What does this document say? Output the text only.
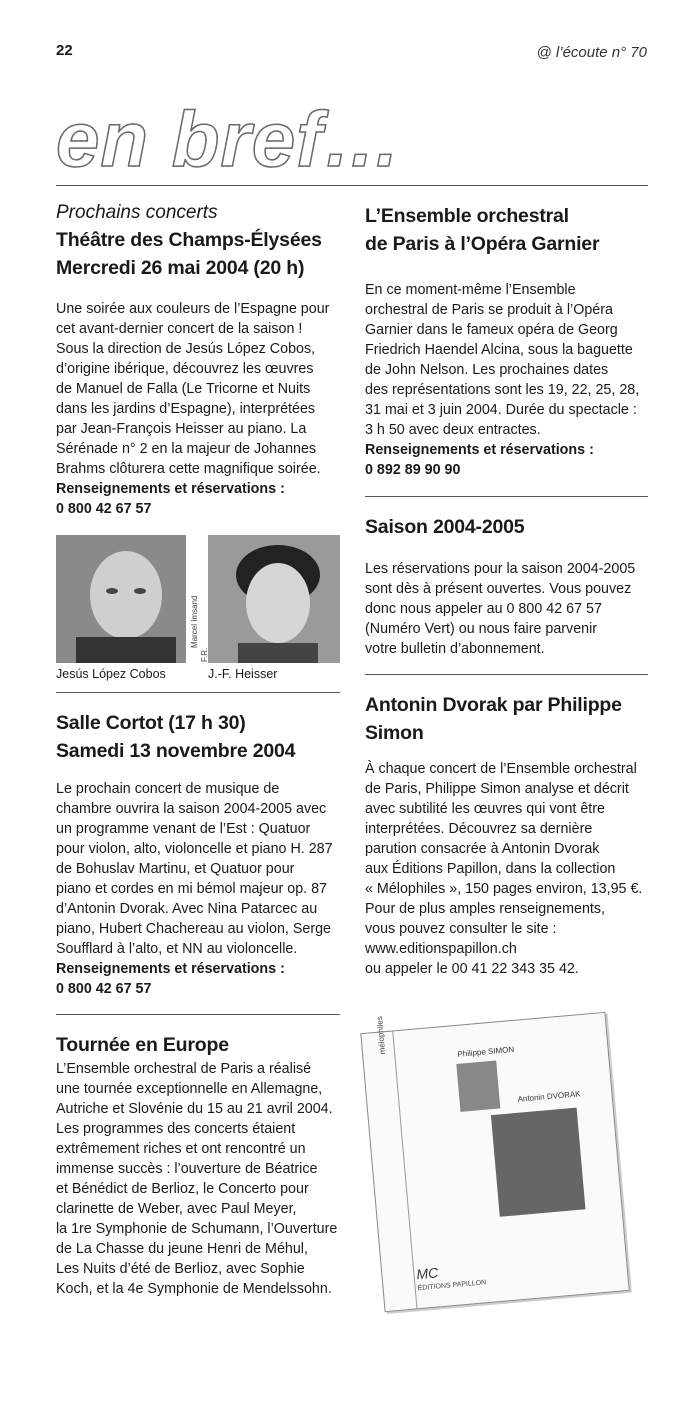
22	@ l’écoute n° 70
en bref…
Prochains concerts
Théâtre des Champs-Élysées
Mercredi 26 mai 2004 (20 h)

Une soirée aux couleurs de l’Espagne pour

cet avant-dernier concert de la saison !

Sous la direction de Jesús López Cobos,

d’origine ibérique, découvrez les œuvres

de Manuel de Falla (Le Tricorne et Nuits

dans les jardins d’Espagne), interprétées

par Jean-François Heisser au piano. La

Sérénade n° 2 en la majeur de Johannes

Brahms clôturera cette magnifique soirée.

Renseignements et réservations :

0 800 42 67 57

Marcel Imsand
F.R.
Jesús López Cobos	J.-F. Heisser
Salle Cortot (17 h 30)
Samedi 13 novembre 2004

Le prochain concert de musique de

chambre ouvrira la saison 2004-2005 avec

un programme venant de l’Est : Quatuor

pour violon, alto, violoncelle et piano H. 287

de Bohuslav Martinu, et Quatuor pour

piano et cordes en mi bémol majeur op. 87

d’Antonin Dvorak. Avec Nina Patarcec au

piano, Hubert Chachereau au violon, Serge

Soufflard à l’alto, et NN au violoncelle.

Renseignements et réservations :

0 800 42 67 57

Tournée en Europe

L’Ensemble orchestral de Paris a réalisé

une tournée exceptionnelle en Allemagne,

Autriche et Slovénie du 15 au 21 avril 2004.

Les programmes des concerts étaient

extrêmement riches et ont rencontré un

immense succès : l’ouverture de Béatrice

et Bénédict de Berlioz, le Concerto pour

clarinette de Weber, avec Paul Meyer,

la 1re Symphonie de Schumann, l’Ouverture

de La Chasse du jeune Henri de Méhul,

Les Nuits d’été de Berlioz, avec Sophie

Koch, et la 4e Symphonie de Mendelssohn.

L’Ensemble orchestral
de Paris à l’Opéra Garnier

En ce moment-même l’Ensemble

orchestral de Paris se produit à l’Opéra

Garnier dans le fameux opéra de Georg

Friedrich Haendel Alcina, sous la baguette

de John Nelson. Les prochaines dates

des représentations sont les 19, 22, 25, 28,

31 mai et 3 juin 2004. Durée du spectacle :

3 h 50 avec deux entractes.

Renseignements et réservations :

0 892 89 90 90

Saison 2004-2005

Les réservations pour la saison 2004-2005

sont dès à présent ouvertes. Vous pouvez

donc nous appeler au 0 800 42 67 57

(Numéro Vert) ou nous faire parvenir

votre bulletin d’abonnement.

Antonin Dvorak par Philippe
Simon

À chaque concert de l’Ensemble orchestral

de Paris, Philippe Simon analyse et décrit

avec subtilité les œuvres qui vont être

interprétées. Découvrez sa dernière

parution consacrée à Antonin Dvorak

aux Éditions Papillon, dans la collection

« Mélophiles », 150 pages environ, 13,95 €.

Pour de plus amples renseignements,

vous pouvez consulter le site :

www.editionspapillon.ch

ou appeler le 00 41 22 343 35 42.

mélophiles	Philippe SIMON
Antonin DVORAK
MC
ÉDITIONS PAPILLON
